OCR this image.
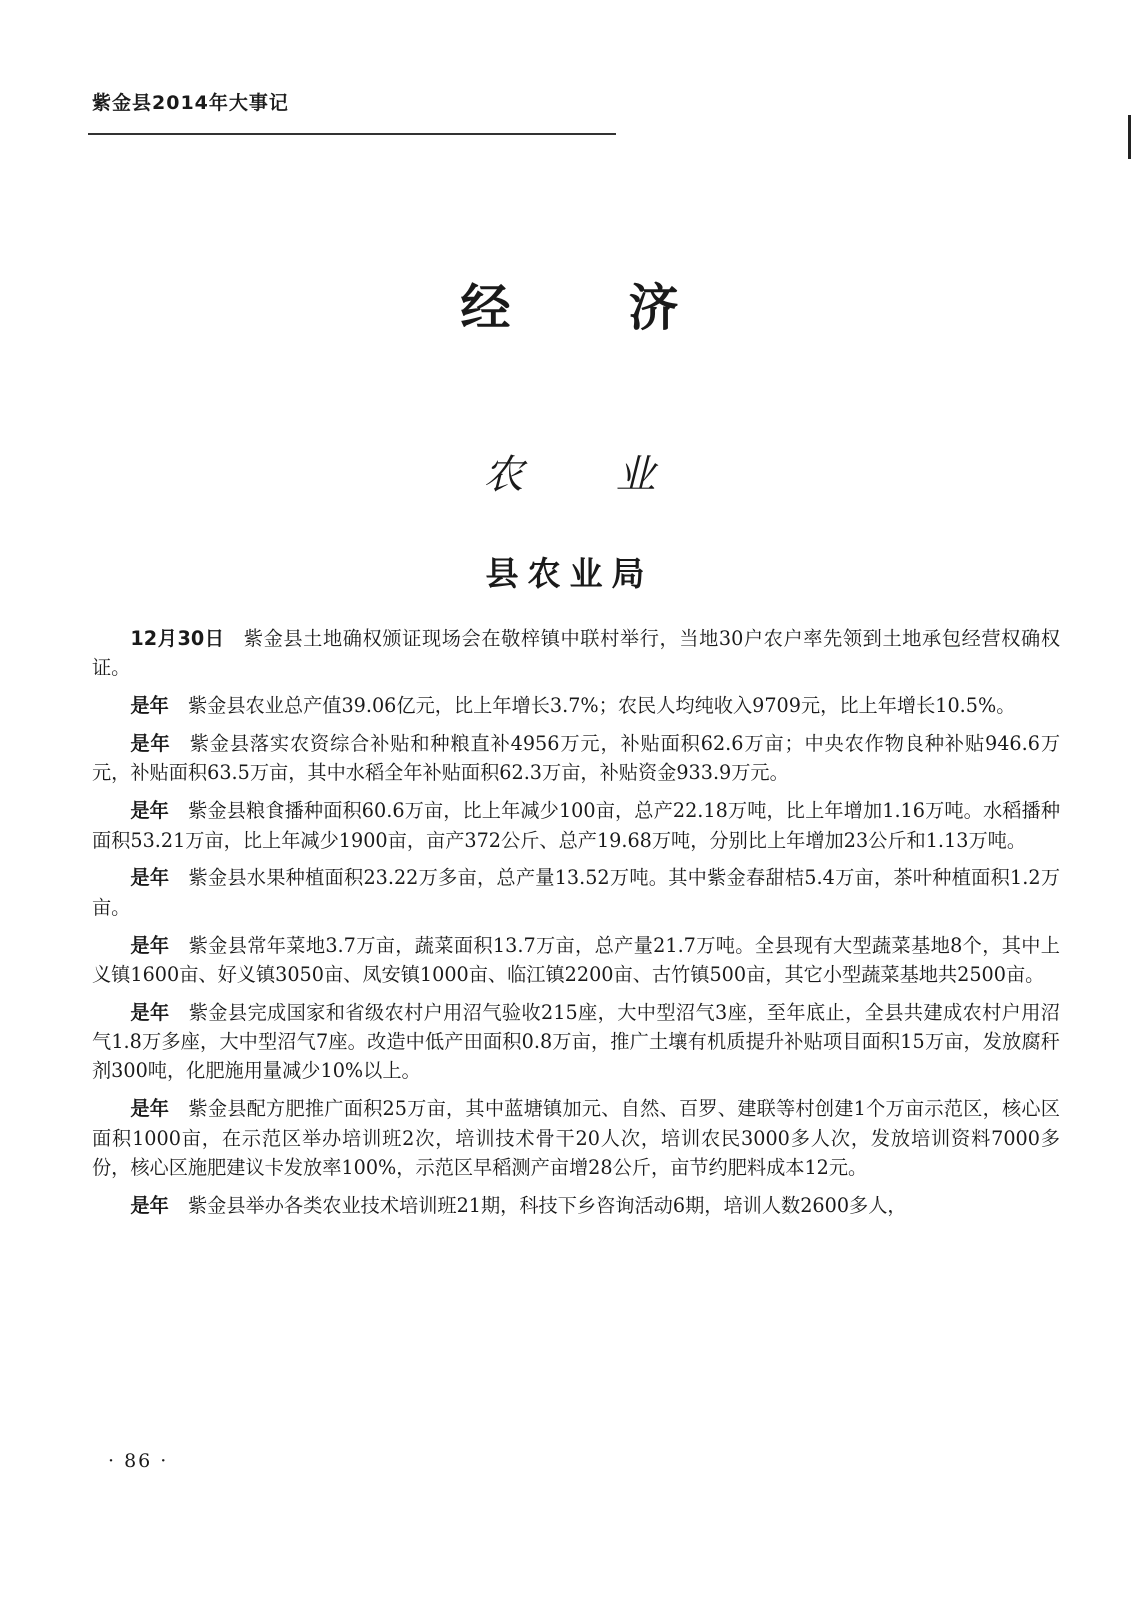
紫金县2014年大事记
经济
农业
县农业局

12月30日 紫金县土地确权颁证现场会在敬梓镇中联村举行，当地30户农户率先领到土地承包经营权确权证。

是年 紫金县农业总产值39.06亿元，比上年增长3.7%；农民人均纯收入9709元，比上年增长10.5%。

是年 紫金县落实农资综合补贴和种粮直补4956万元，补贴面积62.6万亩；中央农作物良种补贴946.6万元，补贴面积63.5万亩，其中水稻全年补贴面积62.3万亩，补贴资金933.9万元。

是年 紫金县粮食播种面积60.6万亩，比上年减少100亩，总产22.18万吨，比上年增加1.16万吨。水稻播种面积53.21万亩，比上年减少1900亩，亩产372公斤、总产19.68万吨，分别比上年增加23公斤和1.13万吨。

是年 紫金县水果种植面积23.22万多亩，总产量13.52万吨。其中紫金春甜桔5.4万亩，茶叶种植面积1.2万亩。

是年 紫金县常年菜地3.7万亩，蔬菜面积13.7万亩，总产量21.7万吨。全县现有大型蔬菜基地8个，其中上义镇1600亩、好义镇3050亩、凤安镇1000亩、临江镇2200亩、古竹镇500亩，其它小型蔬菜基地共2500亩。

是年 紫金县完成国家和省级农村户用沼气验收215座，大中型沼气3座，至年底止，全县共建成农村户用沼气1.8万多座，大中型沼气7座。改造中低产田面积0.8万亩，推广土壤有机质提升补贴项目面积15万亩，发放腐秆剂300吨，化肥施用量减少10%以上。

是年 紫金县配方肥推广面积25万亩，其中蓝塘镇加元、自然、百罗、建联等村创建1个万亩示范区，核心区面积1000亩，在示范区举办培训班2次，培训技术骨干20人次，培训农民3000多人次，发放培训资料7000多份，核心区施肥建议卡发放率100%，示范区早稻测产亩增28公斤，亩节约肥料成本12元。

是年 紫金县举办各类农业技术培训班21期，科技下乡咨询活动6期，培训人数2600多人，

· 86 ·
